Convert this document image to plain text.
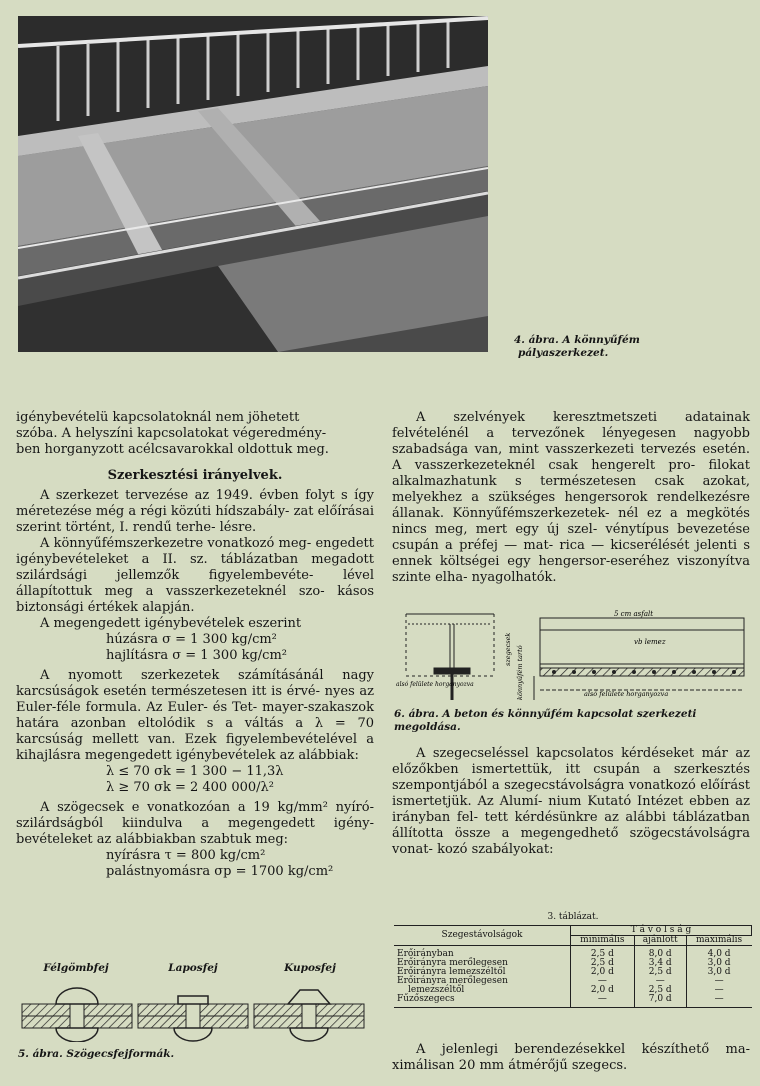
4. ábra. A könnyűfém
pályaszerkezet.

igénybevételü kapcsolatoknál nem jöhetett
szóba. A helyszíni kapcsolatokat végeredmény-
ben horganyzott acélcsavarokkal oldottuk meg.

Szerkesztési irányelvek.

A szerkezet tervezése az 1949. évben folyt s így méretezése még a régi közúti hídszabály- zat előírásai szerint történt, I. rendű terhe- lésre.

A könnyűfémszerkezetre vonatkozó meg- engedett igénybevételeket a II. sz. táblázatban megadott szilárdsági jellemzők figyelembevéte- lével állapítottuk meg a vasszerkezeteknél szo- kásos biztonsági értékek alapján.

A megengedett igénybevételek eszerint

húzásra σ = 1 300 kg/cm²
hajlításra σ = 1 300 kg/cm²

A nyomott szerkezetek számításánál nagy karcsúságok esetén természetesen itt is érvé- nyes az Euler-féle formula. Az Euler- és Tet- mayer-szakaszok határa azonban eltolódik s a váltás a λ = 70 karcsúság mellett van. Ezek figyelembevételével a kihajlásra megengedett igénybevételek az alábbiak:

λ ≤ 70 σk = 1 300 − 11,3λ
λ ≥ 70 σk = 2 400 000/λ²

A szögecsek e vonatkozóan a 19 kg/mm² nyíró- szilárdságból kiindulva a megengedett igény- bevételeket az alábbiakban szabtuk meg:

nyírásra τ = 800 kg/cm²
palástnyomásra σp = 1700 kg/cm²
Félgömbfej	Laposfej	Kuposfej
5. ábra. Szögecsfejformák.

A szelvények keresztmetszeti adatainak felvételénél a tervezőnek lényegesen nagyobb szabadsága van, mint vasszerkezeti tervezés esetén. A vasszerkezeteknél csak hengerelt pro- filokat alkalmazhatunk s természetesen csak azokat, melyekhez a szükséges hengersorok rendelkezésre állanak. Könnyűfémszerkezetek- nél ez a megkötés nincs meg, mert egy új szel- vénytípus bevezetése csupán a préfej — mat- rica — kicserélését jelenti s ennek költségei egy hengersor-eseréhez viszonyítva szinte elha- nyagolhatók.

5 cm asfalt
vb lemez
alsó felülete horganyozva
alsó felülete horganyozva
szegecsek könnyűfém tartó
6. ábra. A beton és könnyűfém kapcsolat szerkezeti
megoldása.

A szegecseléssel kapcsolatos kérdéseket már az előzőkben ismertettük, itt csupán a szerkesztés szempontjából a szegecstávolságra vonatkozó előírást ismertetjük. Az Alumí- nium Kutató Intézet ebben az irányban fel- tett kérdésünkre az alábbi táblázatban állította össze a megengedhető szögecstávolságra vonat- kozó szabályokat:

3. táblázat.
Szegestávolságok	T á v o l s á g		
	minimális	ajánlott	maximális
Erőirányban	2,5 d	8,0 d	4,0 d
Erőirányra merőlegesen	2,5 d	3,4 d	3,0 d
Erőirányra lemezszéltől	2,0 d	2,5 d	3,0 d
Erőirányra merőlegesen	—	—	—
lemezszéltől	2,0 d	2,5 d	—
Fűzőszegecs	—	7,0 d	—

A jelenlegi berendezésekkel készíthető ma- ximálisan 20 mm átmérőjű szegecs.
